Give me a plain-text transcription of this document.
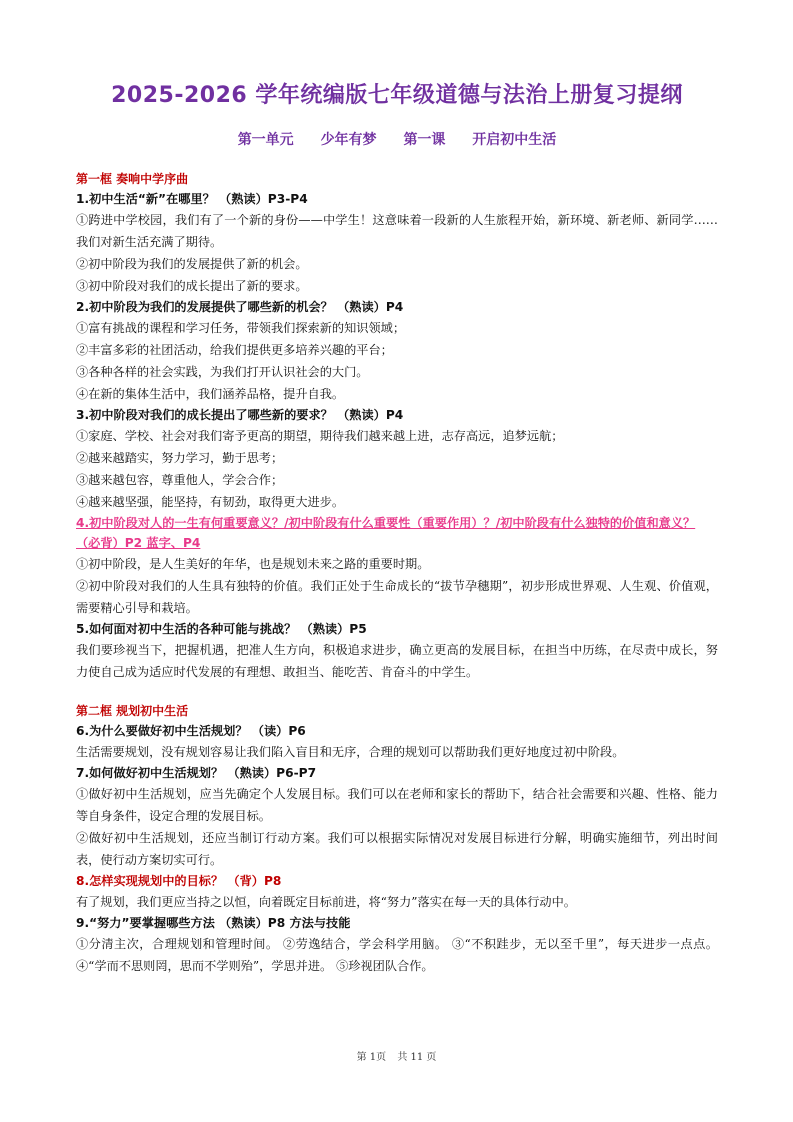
2025-2026 学年统编版七年级道德与法治上册复习提纲
第一单元 少年有梦 第一课 开启初中生活

第一框 奏响中学序曲

1.初中生活“新”在哪里？ （熟读）P3-P4

①跨进中学校园，我们有了一个新的身份——中学生！这意味着一段新的人生旅程开始，新环境、新老师、新同学……我们对新生活充满了期待。

②初中阶段为我们的发展提供了新的机会。

③初中阶段对我们的成长提出了新的要求。

2.初中阶段为我们的发展提供了哪些新的机会？ （熟读）P4

①富有挑战的课程和学习任务，带领我们探索新的知识领域；

②丰富多彩的社团活动，给我们提供更多培养兴趣的平台；

③各种各样的社会实践，为我们打开认识社会的大门。

④在新的集体生活中，我们涵养品格，提升自我。

3.初中阶段对我们的成长提出了哪些新的要求？ （熟读）P4

①家庭、学校、社会对我们寄予更高的期望，期待我们越来越上进，志存高远，追梦远航；

②越来越踏实，努力学习，勤于思考；

③越来越包容，尊重他人，学会合作；

④越来越坚强，能坚持，有韧劲，取得更大进步。

4.初中阶段对人的一生有何重要意义？/初中阶段有什么重要性（重要作用）？/初中阶段有什么独特的价值和意义？ （必背）P2 蓝字、P4

①初中阶段，是人生美好的年华，也是规划未来之路的重要时期。

②初中阶段对我们的人生具有独特的价值。我们正处于生命成长的“拔节孕穗期”，初步形成世界观、人生观、价值观，需要精心引导和栽培。

5.如何面对初中生活的各种可能与挑战？ （熟读）P5

我们要珍视当下，把握机遇，把准人生方向，积极追求进步，确立更高的发展目标，在担当中历练，在尽责中成长，努力使自己成为适应时代发展的有理想、敢担当、能吃苦、肯奋斗的中学生。

第二框 规划初中生活

6.为什么要做好初中生活规划？ （读）P6

生活需要规划，没有规划容易让我们陷入盲目和无序，合理的规划可以帮助我们更好地度过初中阶段。

7.如何做好初中生活规划？ （熟读）P6-P7

①做好初中生活规划，应当先确定个人发展目标。我们可以在老师和家长的帮助下，结合社会需要和兴趣、性格、能力等自身条件，设定合理的发展目标。

②做好初中生活规划，还应当制订行动方案。我们可以根据实际情况对发展目标进行分解，明确实施细节，列出时间表，使行动方案切实可行。

8.怎样实现规划中的目标？ （背）P8

有了规划，我们更应当持之以恒，向着既定目标前进，将“努力”落实在每一天的具体行动中。

9.“努力”要掌握哪些方法 （熟读）P8 方法与技能

①分清主次，合理规划和管理时间。 ②劳逸结合，学会科学用脑。 ③“不积跬步，无以至千里”，每天进步一点点。 ④“学而不思则罔，思而不学则殆”，学思并进。 ⑤珍视团队合作。

第 1页 共 11 页
